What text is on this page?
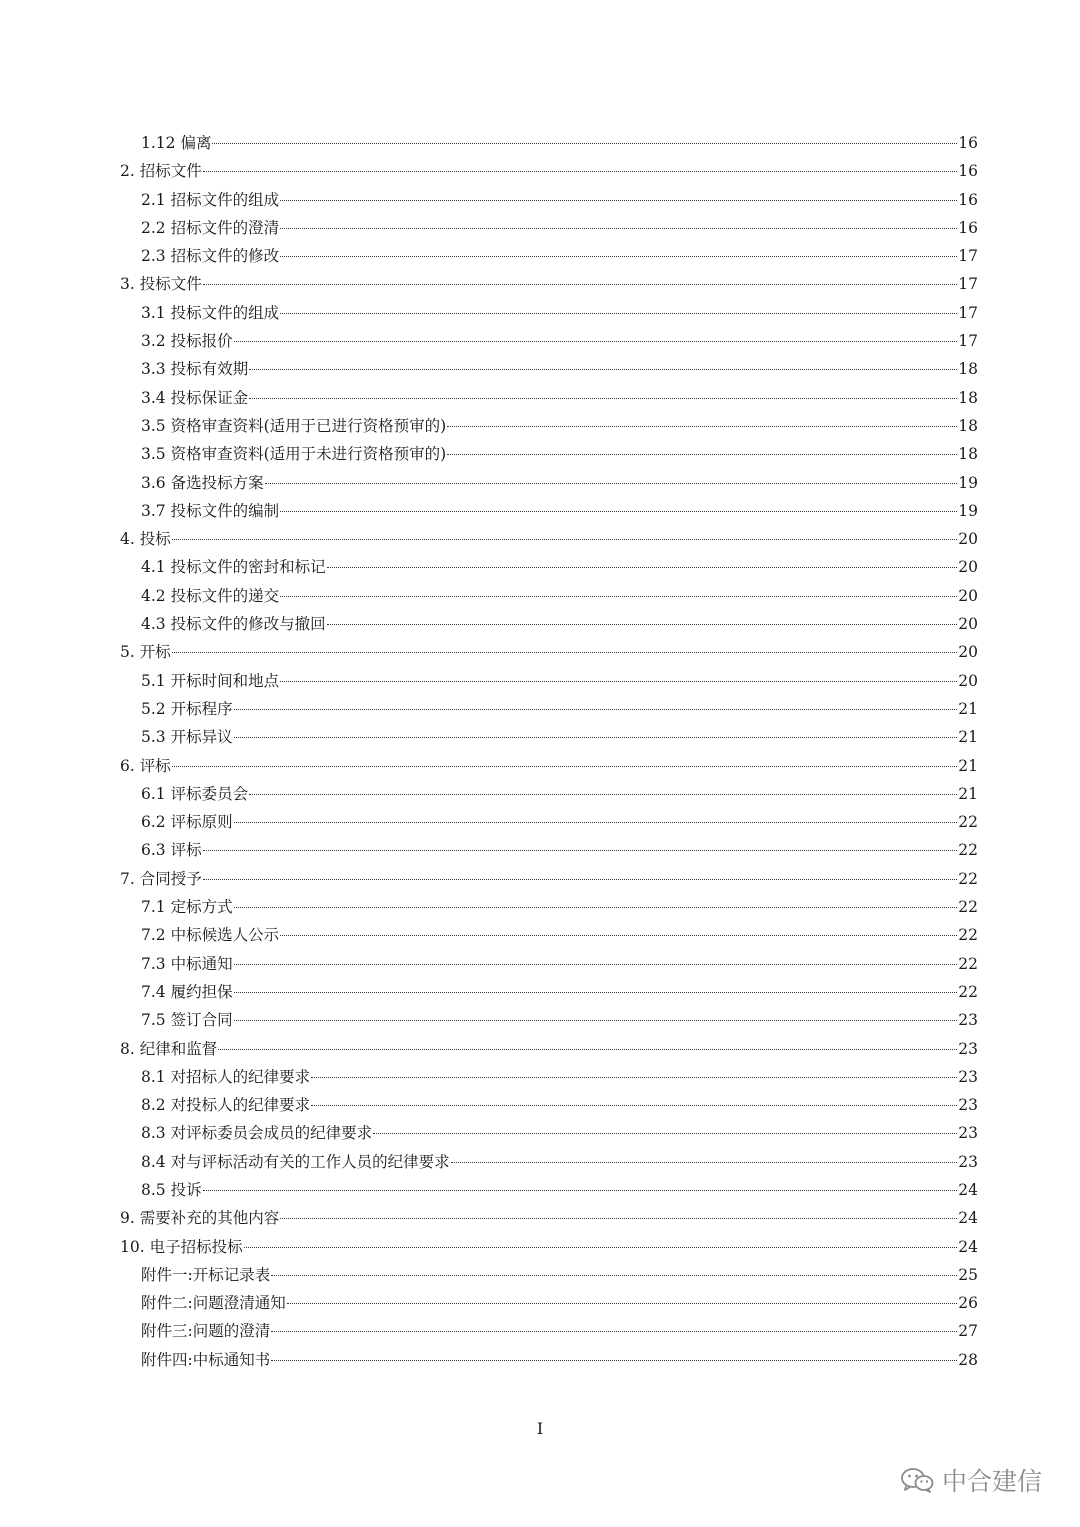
1.12 偏离	16
2. 招标文件	16
2.1 招标文件的组成	16
2.2 招标文件的澄清	16
2.3 招标文件的修改	17
3. 投标文件	17
3.1 投标文件的组成	17
3.2 投标报价	17
3.3 投标有效期	18
3.4 投标保证金	18
3.5 资格审查资料(适用于已进行资格预审的)	18
3.5 资格审查资料(适用于未进行资格预审的)	18
3.6 备选投标方案	19
3.7 投标文件的编制	19
4. 投标	20
4.1 投标文件的密封和标记	20
4.2 投标文件的递交	20
4.3 投标文件的修改与撤回	20
5. 开标	20
5.1 开标时间和地点	20
5.2 开标程序	21
5.3 开标异议	21
6. 评标	21
6.1 评标委员会	21
6.2 评标原则	22
6.3 评标	22
7. 合同授予	22
7.1 定标方式	22
7.2 中标候选人公示	22
7.3 中标通知	22
7.4 履约担保	22
7.5 签订合同	23
8. 纪律和监督	23
8.1 对招标人的纪律要求	23
8.2 对投标人的纪律要求	23
8.3 对评标委员会成员的纪律要求	23
8.4 对与评标活动有关的工作人员的纪律要求	23
8.5 投诉	24
9. 需要补充的其他内容	24
10. 电子招标投标	24
附件一:开标记录表	25
附件二:问题澄清通知	26
附件三:问题的澄清	27
附件四:中标通知书	28
I
中合建信
